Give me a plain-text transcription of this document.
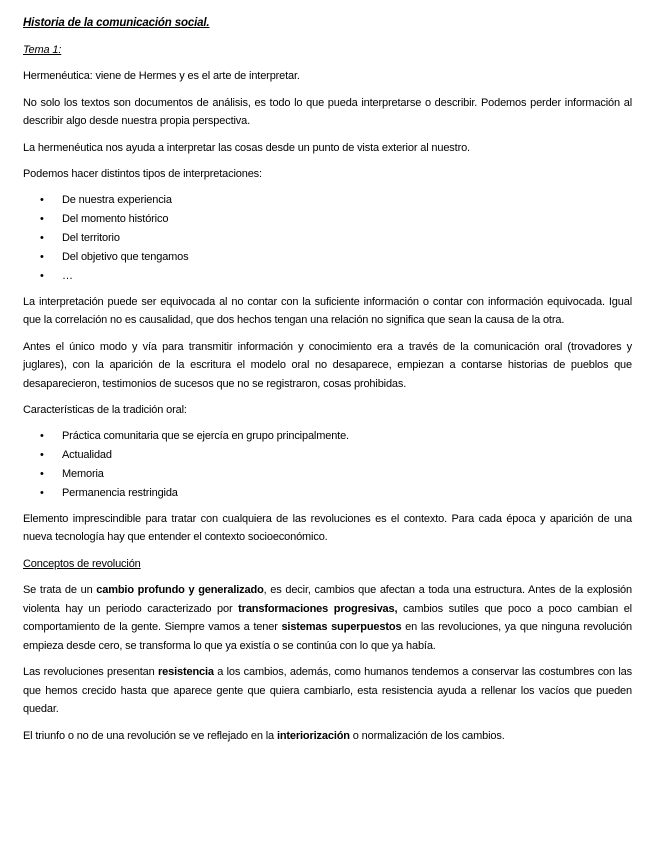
Historia de la comunicación social.
Tema 1:

Hermenéutica: viene de Hermes y es el arte de interpretar.

No solo los textos son documentos de análisis, es todo lo que pueda interpretarse o describir. Podemos perder información al describir algo desde nuestra propia perspectiva.

La hermenéutica nos ayuda a interpretar las cosas desde un punto de vista exterior al nuestro.

Podemos hacer distintos tipos de interpretaciones:

• De nuestra experiencia
• Del momento histórico
• Del territorio
• Del objetivo que tengamos
• …

La interpretación puede ser equivocada al no contar con la suficiente información o contar con información equivocada. Igual que la correlación no es causalidad, que dos hechos tengan una relación no significa que sean la causa de la otra.

Antes el único modo y vía para transmitir información y conocimiento era a través de la comunicación oral (trovadores y juglares), con la aparición de la escritura el modelo oral no desaparece, empiezan a contarse historias de pueblos que desaparecieron, testimonios de sucesos que no se registraron, cosas prohibidas.

Características de la tradición oral:

• Práctica comunitaria que se ejercía en grupo principalmente.
• Actualidad
• Memoria
• Permanencia restringida

Elemento imprescindible para tratar con cualquiera de las revoluciones es el contexto. Para cada época y aparición de una nueva tecnología hay que entender el contexto socioeconómico.

Conceptos de revolución

Se trata de un cambio profundo y generalizado, es decir, cambios que afectan a toda una estructura. Antes de la explosión violenta hay un periodo caracterizado por transformaciones progresivas, cambios sutiles que poco a poco cambian el comportamiento de la gente. Siempre vamos a tener sistemas superpuestos en las revoluciones, ya que ninguna revolución empieza desde cero, se transforma lo que ya existía o se continúa con lo que ya había.

Las revoluciones presentan resistencia a los cambios, además, como humanos tendemos a conservar las costumbres con las que hemos crecido hasta que aparece gente que quiera cambiarlo, esta resistencia ayuda a rellenar los vacíos que pueden quedar.

El triunfo o no de una revolución se ve reflejado en la interiorización o normalización de los cambios.
